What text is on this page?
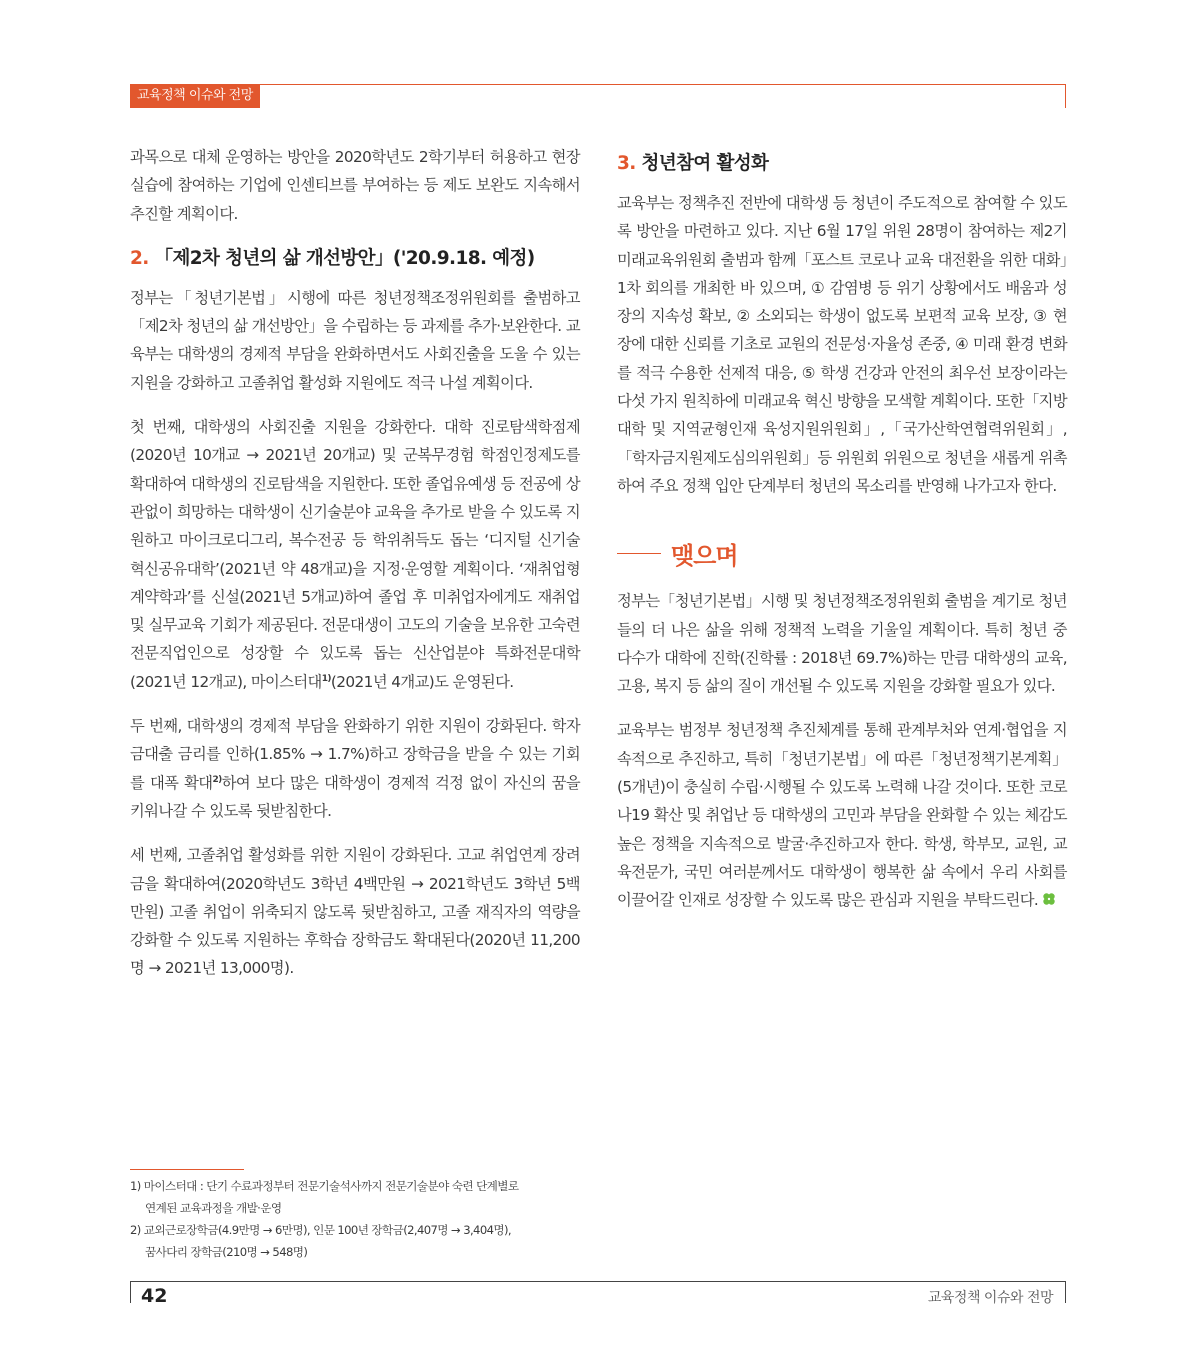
교육정책 이슈와 전망

과목으로 대체 운영하는 방안을 2020학년도 2학기부터 허용하고 현장실습에 참여하는 기업에 인센티브를 부여하는 등 제도 보완도 지속해서 추진할 계획이다.

2. 「제2차 청년의 삶 개선방안」('20.9.18. 예정)

정부는「청년기본법」시행에 따른 청년정책조정위원회를 출범하고「제2차 청년의 삶 개선방안」을 수립하는 등 과제를 추가·보완한다. 교육부는 대학생의 경제적 부담을 완화하면서도 사회진출을 도울 수 있는 지원을 강화하고 고졸취업 활성화 지원에도 적극 나설 계획이다.

첫 번째, 대학생의 사회진출 지원을 강화한다. 대학 진로탐색학점제(2020년 10개교 → 2021년 20개교) 및 군복무경험 학점인정제도를 확대하여 대학생의 진로탐색을 지원한다. 또한 졸업유예생 등 전공에 상관없이 희망하는 대학생이 신기술분야 교육을 추가로 받을 수 있도록 지원하고 마이크로디그리, 복수전공 등 학위취득도 돕는 ‘디지털 신기술 혁신공유대학’(2021년 약 48개교)을 지정·운영할 계획이다. ‘재취업형 계약학과’를 신설(2021년 5개교)하여 졸업 후 미취업자에게도 재취업 및 실무교육 기회가 제공된다. 전문대생이 고도의 기술을 보유한 고숙련 전문직업인으로 성장할 수 있도록 돕는 신산업분야 특화전문대학(2021년 12개교), 마이스터대$^{1)}$(2021년 4개교)도 운영된다.

두 번째, 대학생의 경제적 부담을 완화하기 위한 지원이 강화된다. 학자금대출 금리를 인하(1.85% → 1.7%)하고 장학금을 받을 수 있는 기회를 대폭 확대$^{2)}$하여 보다 많은 대학생이 경제적 걱정 없이 자신의 꿈을 키워나갈 수 있도록 뒷받침한다.

세 번째, 고졸취업 활성화를 위한 지원이 강화된다. 고교 취업연계 장려금을 확대하여(2020학년도 3학년 4백만원 → 2021학년도 3학년 5백만원) 고졸 취업이 위축되지 않도록 뒷받침하고, 고졸 재직자의 역량을 강화할 수 있도록 지원하는 후학습 장학금도 확대된다(2020년 11,200명 → 2021년 13,000명).

3. 청년참여 활성화

교육부는 정책추진 전반에 대학생 등 청년이 주도적으로 참여할 수 있도록 방안을 마련하고 있다. 지난 6월 17일 위원 28명이 참여하는 제2기 미래교육위원회 출범과 함께「포스트 코로나 교육 대전환을 위한 대화」1차 회의를 개최한 바 있으며, ① 감염병 등 위기 상황에서도 배움과 성장의 지속성 확보, ② 소외되는 학생이 없도록 보편적 교육 보장, ③ 현장에 대한 신뢰를 기초로 교원의 전문성·자율성 존중, ④ 미래 환경 변화를 적극 수용한 선제적 대응, ⑤ 학생 건강과 안전의 최우선 보장이라는 다섯 가지 원칙하에 미래교육 혁신 방향을 모색할 계획이다. 또한「지방대학 및 지역균형인재 육성지원위원회」,「국가산학연협력위원회」,「학자금지원제도심의위원회」등 위원회 위원으로 청년을 새롭게 위촉하여 주요 정책 입안 단계부터 청년의 목소리를 반영해 나가고자 한다.

맺으며

정부는「청년기본법」시행 및 청년정책조정위원회 출범을 계기로 청년들의 더 나은 삶을 위해 정책적 노력을 기울일 계획이다. 특히 청년 중 다수가 대학에 진학(진학률 : 2018년 69.7%)하는 만큼 대학생의 교육, 고용, 복지 등 삶의 질이 개선될 수 있도록 지원을 강화할 필요가 있다.

교육부는 범정부 청년정책 추진체계를 통해 관계부처와 연계·협업을 지속적으로 추진하고, 특히「청년기본법」에 따른「청년정책기본계획」(5개년)이 충실히 수립·시행될 수 있도록 노력해 나갈 것이다. 또한 코로나19 확산 및 취업난 등 대학생의 고민과 부담을 완화할 수 있는 체감도 높은 정책을 지속적으로 발굴·추진하고자 한다. 학생, 학부모, 교원, 교육전문가, 국민 여러분께서도 대학생이 행복한 삶 속에서 우리 사회를 이끌어갈 인재로 성장할 수 있도록 많은 관심과 지원을 부탁드린다.

1) 마이스터대 : 단기 수료과정부터 전문기술석사까지 전문기술분야 숙련 단계별로
연계된 교육과정을 개발·운영
2) 교외근로장학금(4.9만명 → 6만명), 인문 100년 장학금(2,407명 → 3,404명),
꿈사다리 장학금(210명 → 548명)
42	교육정책 이슈와 전망
